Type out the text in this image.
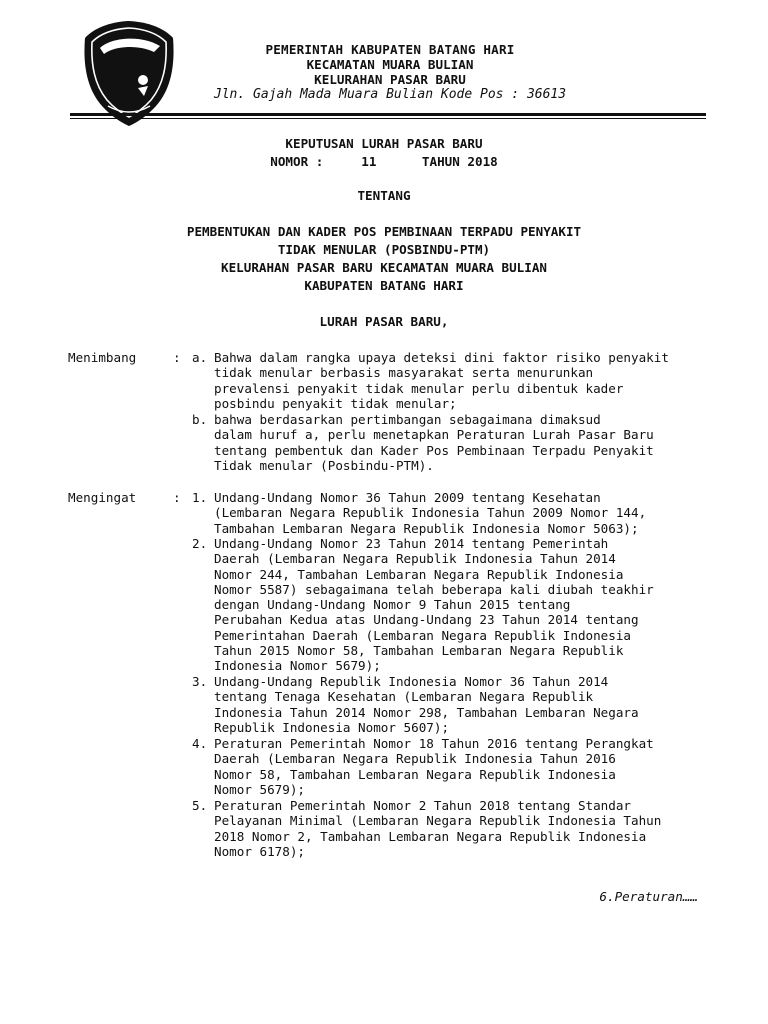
PEMERINTAH KABUPATEN BATANG HARI
KECAMATAN MUARA BULIAN
KELURAHAN PASAR BARU
Jln. Gajah Mada Muara Bulian Kode Pos : 36613
KEPUTUSAN LURAH PASAR BARU
NOMOR :     11      TAHUN 2018
TENTANG
PEMBENTUKAN DAN KADER POS PEMBINAAN TERPADU PENYAKIT
TIDAK MENULAR (POSBINDU-PTM)
KELURAHAN PASAR BARU KECAMATAN MUARA BULIAN
KABUPATEN BATANG HARI
LURAH PASAR BARU,
Menimbang	: a. Bahwa dalam rangka upaya deteksi dini faktor risiko penyakit
tidak menular berbasis masyarakat serta menurunkan
prevalensi penyakit tidak menular perlu dibentuk kader
posbindu penyakit tidak menular;
b. bahwa berdasarkan pertimbangan sebagaimana dimaksud
dalam huruf a, perlu menetapkan Peraturan Lurah Pasar Baru
tentang pembentuk dan Kader Pos Pembinaan Terpadu Penyakit
Tidak menular (Posbindu-PTM).
Mengingat	: 1. Undang-Undang Nomor 36 Tahun 2009 tentang Kesehatan
(Lembaran Negara Republik Indonesia Tahun 2009 Nomor 144,
Tambahan Lembaran Negara Republik Indonesia Nomor 5063);
2. Undang-Undang Nomor 23 Tahun 2014 tentang Pemerintah
Daerah (Lembaran Negara Republik Indonesia Tahun 2014
Nomor 244, Tambahan Lembaran Negara Republik Indonesia
Nomor 5587) sebagaimana telah beberapa kali diubah teakhir
dengan Undang-Undang Nomor 9 Tahun 2015 tentang
Perubahan Kedua atas Undang-Undang 23 Tahun 2014 tentang
Pemerintahan Daerah (Lembaran Negara Republik Indonesia
Tahun 2015 Nomor 58, Tambahan Lembaran Negara Republik
Indonesia Nomor 5679);
3. Undang-Undang Republik Indonesia Nomor 36 Tahun 2014
tentang Tenaga Kesehatan (Lembaran Negara Republik
Indonesia Tahun 2014 Nomor 298, Tambahan Lembaran Negara
Republik Indonesia Nomor 5607);
4. Peraturan Pemerintah Nomor 18 Tahun 2016 tentang Perangkat
Daerah (Lembaran Negara Republik Indonesia Tahun 2016
Nomor 58, Tambahan Lembaran Negara Republik Indonesia
Nomor 5679);
5. Peraturan Pemerintah Nomor 2 Tahun 2018 tentang Standar
Pelayanan Minimal (Lembaran Negara Republik Indonesia Tahun
2018 Nomor 2, Tambahan Lembaran Negara Republik Indonesia
Nomor 6178);
6.Peraturan……
